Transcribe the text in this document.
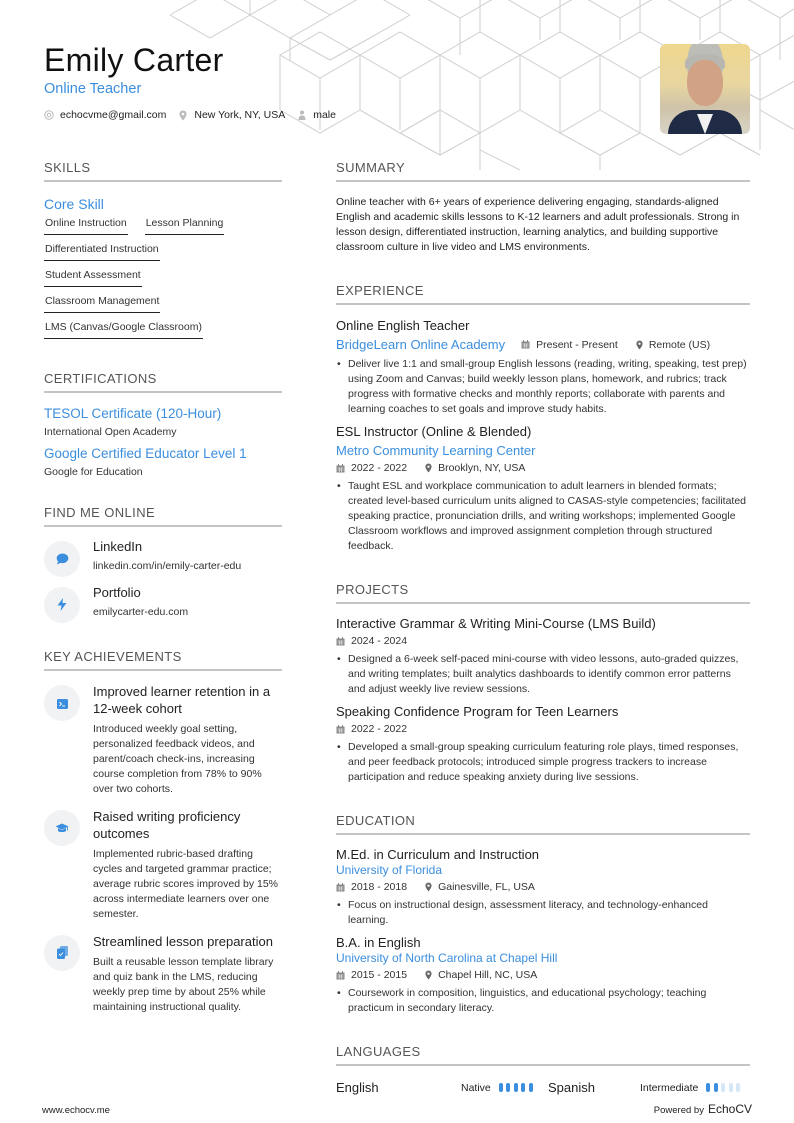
Emily Carter
Online Teacher
echocvme@gmail.com	New York, NY, USA	male
SKILLS
Core Skill
Online Instruction Lesson Planning
Differentiated Instruction
Student Assessment
Classroom Management
LMS (Canvas/Google Classroom)
CERTIFICATIONS
TESOL Certificate (120-Hour)
International Open Academy
Google Certified Educator Level 1
Google for Education
FIND ME ONLINE
LinkedIn
linkedin.com/in/emily-carter-edu
Portfolio
emilycarter-edu.com
KEY ACHIEVEMENTS
Improved learner retention in a 12-week cohort
Introduced weekly goal setting, personalized feedback videos, and parent/coach check-ins, increasing course completion from 78% to 90% over two cohorts.
Raised writing proficiency outcomes
Implemented rubric-based drafting cycles and targeted grammar practice; average rubric scores improved by 15% across intermediate learners over one semester.
Streamlined lesson preparation
Built a reusable lesson template library and quiz bank in the LMS, reducing weekly prep time by about 25% while maintaining instructional quality.
SUMMARY
Online teacher with 6+ years of experience delivering engaging, standards-aligned English and academic skills lessons to K-12 learners and adult professionals. Strong in lesson design, differentiated instruction, learning analytics, and building supportive classroom culture in live video and LMS environments.
EXPERIENCE
Online English Teacher
BridgeLearn Online Academy	Present - Present	Remote (US)
• Deliver live 1:1 and small-group English lessons (reading, writing, speaking, test prep) using Zoom and Canvas; build weekly lesson plans, homework, and rubrics; track progress with formative checks and monthly reports; collaborate with parents and learning coaches to set goals and improve study habits.
ESL Instructor (Online & Blended)
Metro Community Learning Center
2022 - 2022	Brooklyn, NY, USA
• Taught ESL and workplace communication to adult learners in blended formats; created level-based curriculum units aligned to CASAS-style competencies; facilitated speaking practice, pronunciation drills, and writing workshops; implemented Google Classroom workflows and improved assignment completion through structured feedback.
PROJECTS
Interactive Grammar & Writing Mini-Course (LMS Build)
2024 - 2024
• Designed a 6-week self-paced mini-course with video lessons, auto-graded quizzes, and writing templates; built analytics dashboards to identify common error patterns and adjust weekly live review sessions.
Speaking Confidence Program for Teen Learners
2022 - 2022
• Developed a small-group speaking curriculum featuring role plays, timed responses, and peer feedback protocols; introduced simple progress trackers to increase participation and reduce speaking anxiety during live sessions.
EDUCATION
M.Ed. in Curriculum and Instruction
University of Florida
2018 - 2018	Gainesville, FL, USA
• Focus on instructional design, assessment literacy, and technology-enhanced learning.
B.A. in English
University of North Carolina at Chapel Hill
2015 - 2015	Chapel Hill, NC, USA
• Coursework in composition, linguistics, and educational psychology; teaching practicum in secondary literacy.
LANGUAGES
English	Native	Spanish	Intermediate
www.echocv.me	Powered by EchoCV
